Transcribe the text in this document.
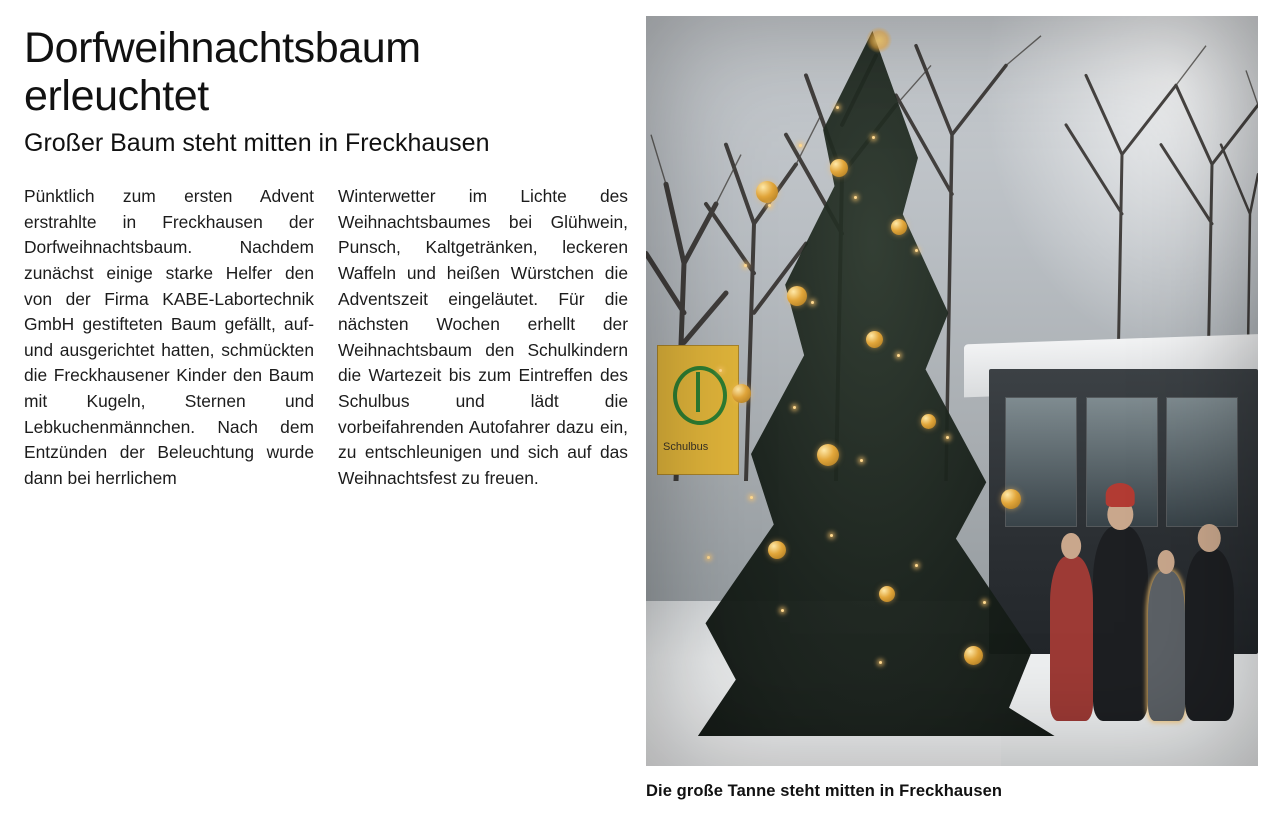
Dorfweihnachtsbaum erleuchtet
Großer Baum steht mitten in Freckhausen

Pünktlich zum ersten Advent erstrahlte in Freckhausen der Dorfweihnachtsbaum. Nachdem zunächst einige starke Helfer den von der Firma KABE-Labortechnik GmbH gestifteten Baum gefällt, auf- und ausgerichtet hatten, schmückten die Freckhausener Kinder den Baum mit Kugeln, Sternen und Lebkuchenmännchen. Nach dem Entzünden der Beleuchtung wurde dann bei herrlichem

Winterwetter im Lichte des Weihnachtsbaumes bei Glühwein, Punsch, Kaltgetränken, leckeren Waffeln und heißen Würstchen die Adventszeit eingeläutet. Für die nächsten Wochen erhellt der Weihnachtsbaum den Schulkindern die Wartezeit bis zum Eintreffen des Schulbus und lädt die vorbeifahrenden Autofahrer dazu ein, zu entschleunigen und sich auf das Weihnachtsfest zu freuen.

Schulbus
Die große Tanne steht mitten in Freckhausen
